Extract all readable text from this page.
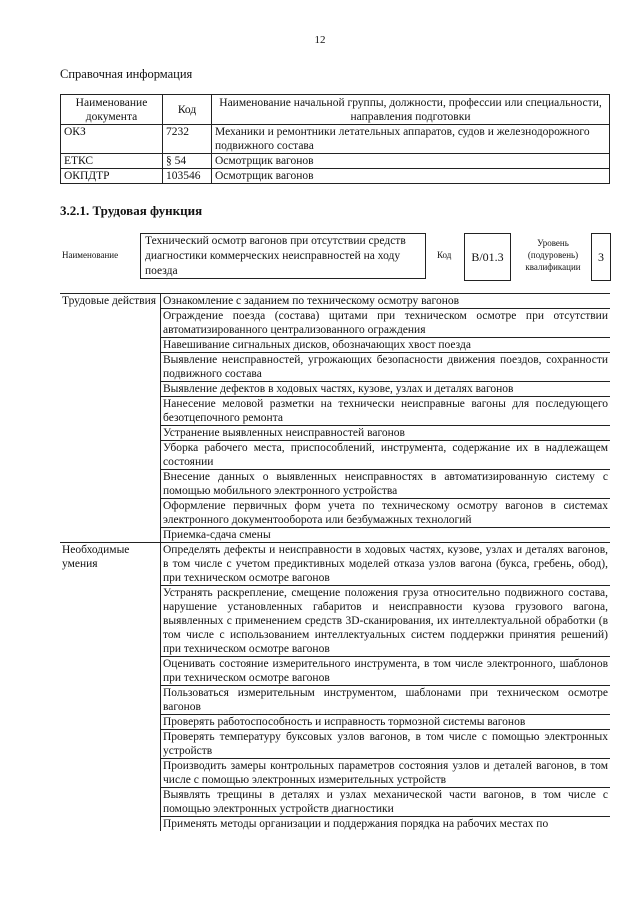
12
Справочная информация
Наименование документа	Код	Наименование начальной группы, должности, профессии или специальности, направления подготовки
ОКЗ	7232	Механики и ремонтники летательных аппаратов, судов и железнодорожного подвижного состава
ЕТКС	§ 54	Осмотрщик вагонов
ОКПДТР	103546	Осмотрщик вагонов
3.2.1. Трудовая функция
Наименование
Технический осмотр вагонов при отсутствии средств диагностики коммерческих неисправностей на ходу поезда
Код	В/01.3
Уровень (подуровень) квалификации
3
Трудовые действия	Ознакомление с заданием по техническому осмотру вагонов
	Ограждение поезда (состава) щитами при техническом осмотре при отсутствии автоматизированного централизованного ограждения
	Навешивание сигнальных дисков, обозначающих хвост поезда
	Выявление неисправностей, угрожающих безопасности движения поездов, сохранности подвижного состава
	Выявление дефектов в ходовых частях, кузове, узлах и деталях вагонов
	Нанесение меловой разметки на технически неисправные вагоны для последующего безотцепочного ремонта
	Устранение выявленных неисправностей вагонов
	Уборка рабочего места, приспособлений, инструмента, содержание их в надлежащем состоянии
	Внесение данных о выявленных неисправностях в автоматизированную систему с помощью мобильного электронного устройства
	Оформление первичных форм учета по техническому осмотру вагонов в системах электронного документооборота или безбумажных технологий
	Приемка-сдача смены
Необходимые умения	Определять дефекты и неисправности в ходовых частях, кузове, узлах и деталях вагонов, в том числе с учетом предиктивных моделей отказа узлов вагона (букса, гребень, обод), при техническом осмотре вагонов
	Устранять раскрепление, смещение положения груза относительно подвижного состава, нарушение установленных габаритов и неисправности кузова грузового вагона, выявленных с применением средств 3D-сканирования, их интеллектуальной обработки (в том числе с использованием интеллектуальных систем поддержки принятия решений) при техническом осмотре вагонов
	Оценивать состояние измерительного инструмента, в том числе электронного, шаблонов при техническом осмотре вагонов
	Пользоваться измерительным инструментом, шаблонами при техническом осмотре вагонов
	Проверять работоспособность и исправность тормозной системы вагонов
	Проверять температуру буксовых узлов вагонов, в том числе с помощью электронных устройств
	Производить замеры контрольных параметров состояния узлов и деталей вагонов, в том числе с помощью электронных измерительных устройств
	Выявлять трещины в деталях и узлах механической части вагонов, в том числе с помощью электронных устройств диагностики
	Применять методы организации и поддержания порядка на рабочих местах по
